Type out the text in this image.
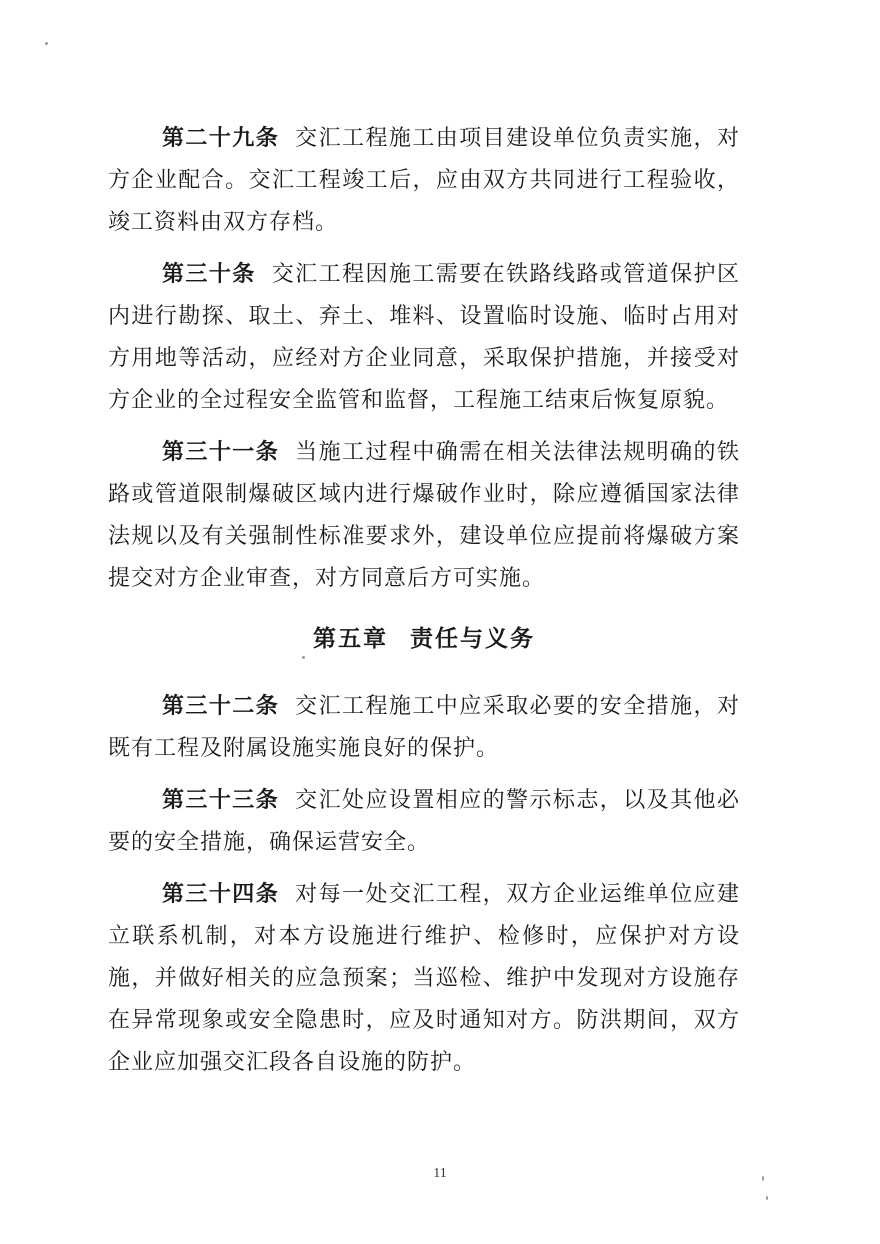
第二十九条 交汇工程施工由项目建设单位负责实施，对方企业配合。交汇工程竣工后，应由双方共同进行工程验收，竣工资料由双方存档。

第三十条 交汇工程因施工需要在铁路线路或管道保护区内进行勘探、取土、弃土、堆料、设置临时设施、临时占用对方用地等活动，应经对方企业同意，采取保护措施，并接受对方企业的全过程安全监管和监督，工程施工结束后恢复原貌。

第三十一条 当施工过程中确需在相关法律法规明确的铁路或管道限制爆破区域内进行爆破作业时，除应遵循国家法律法规以及有关强制性标准要求外，建设单位应提前将爆破方案提交对方企业审查，对方同意后方可实施。

第五章 责任与义务

第三十二条 交汇工程施工中应采取必要的安全措施，对既有工程及附属设施实施良好的保护。

第三十三条 交汇处应设置相应的警示标志，以及其他必要的安全措施，确保运营安全。

第三十四条 对每一处交汇工程，双方企业运维单位应建立联系机制，对本方设施进行维护、检修时，应保护对方设施，并做好相关的应急预案；当巡检、维护中发现对方设施存在异常现象或安全隐患时，应及时通知对方。防洪期间，双方企业应加强交汇段各自设施的防护。

11
